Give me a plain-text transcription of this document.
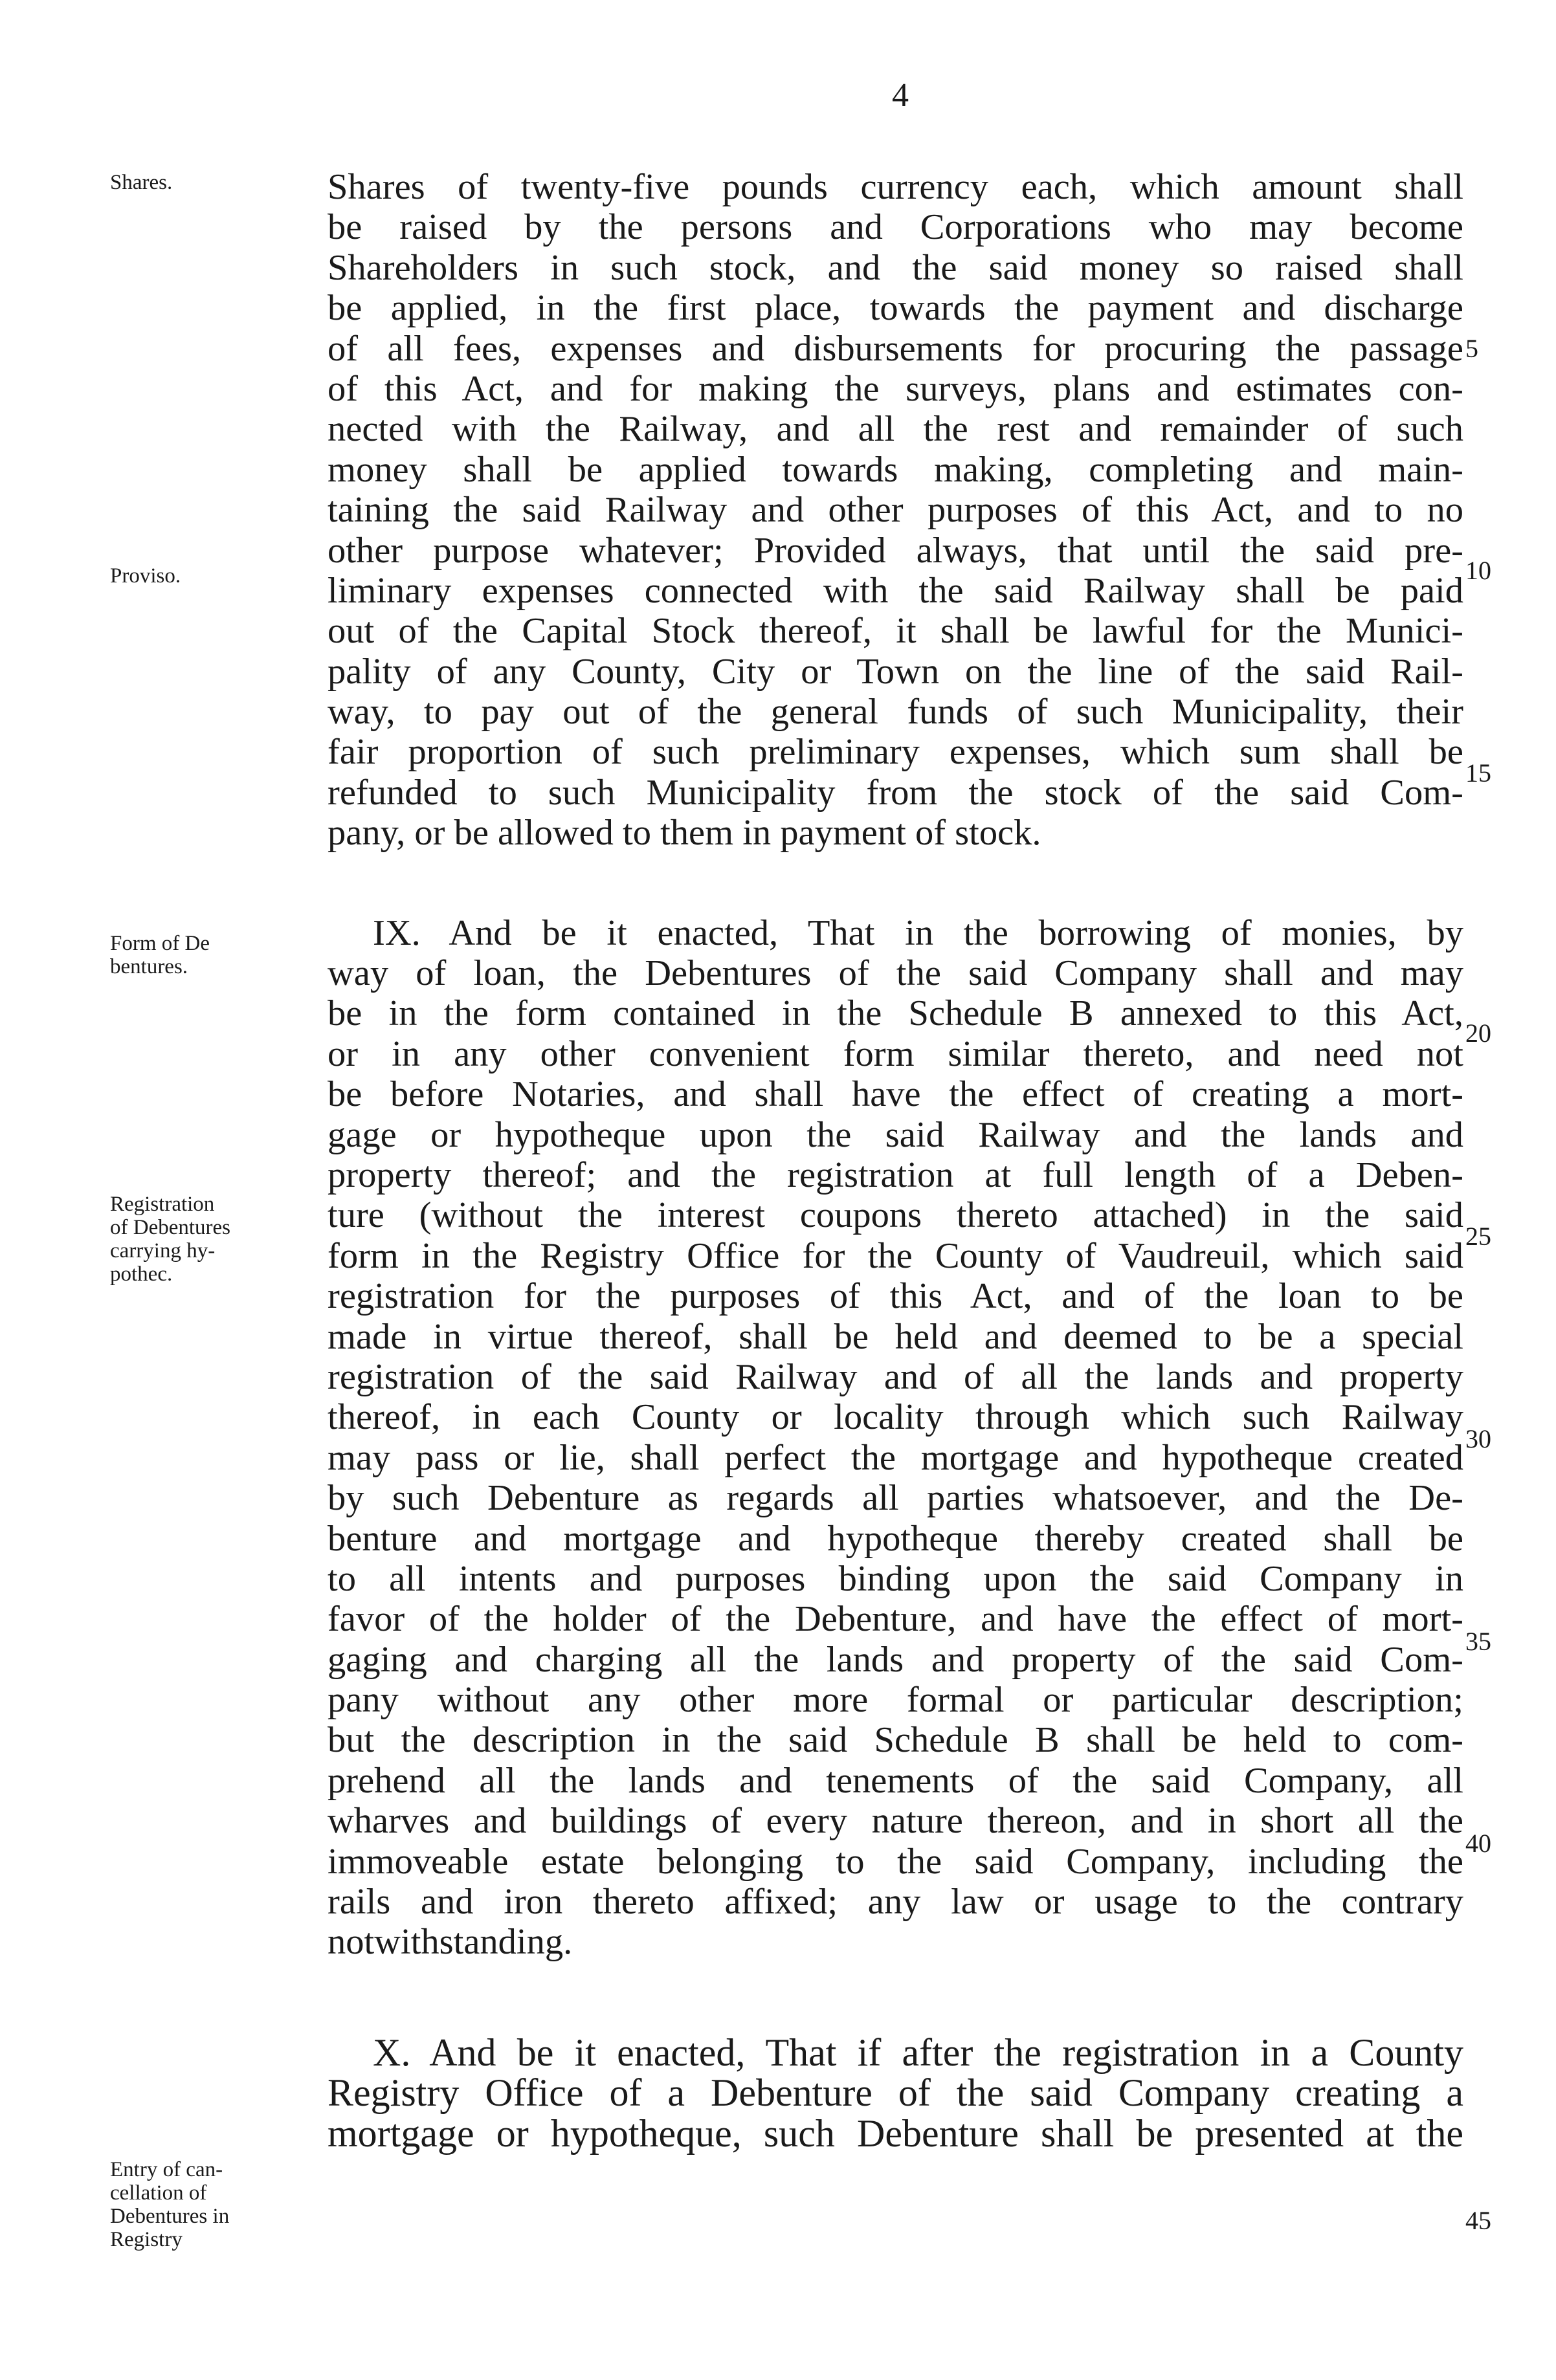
4
Shares.
Proviso.
Form of De
bentures.
Registration
of Debentures
carrying hy-
pothec.
Entry of can-
cellation of
Debentures in
Registry
Shares of twenty-five pounds currency each, which amount shall
be raised by the persons and Corporations who may become
Shareholders in such stock, and the said money so raised shall
be applied, in the first place, towards the payment and discharge
of all fees, expenses and disbursements for procuring the passage
of this Act, and for making the surveys, plans and estimates con-
nected with the Railway, and all the rest and remainder of such
money shall be applied towards making, completing and main-
taining the said Railway and other purposes of this Act, and to no
other purpose whatever; Provided always, that until the said pre-
liminary expenses connected with the said Railway shall be paid
out of the Capital Stock thereof, it shall be lawful for the Munici-
pality of any County, City or Town on the line of the said Rail-
way, to pay out of the general funds of such Municipality, their
fair proportion of such preliminary expenses, which sum shall be
refunded to such Municipality from the stock of the said Com-
pany, or be allowed to them in payment of stock.
IX. And be it enacted, That in the borrowing of monies, by
way of loan, the Debentures of the said Company shall and may
be in the form contained in the Schedule B annexed to this Act,
or in any other convenient form similar thereto, and need not
be before Notaries, and shall have the effect of creating a mort-
gage or hypotheque upon the said Railway and the lands and
property thereof; and the registration at full length of a Deben-
ture (without the interest coupons thereto attached) in the said
form in the Registry Office for the County of Vaudreuil, which said
registration for the purposes of this Act, and of the loan to be
made in virtue thereof, shall be held and deemed to be a special
registration of the said Railway and of all the lands and property
thereof, in each County or locality through which such Railway
may pass or lie, shall perfect the mortgage and hypotheque created
by such Debenture as regards all parties whatsoever, and the De-
benture and mortgage and hypotheque thereby created shall be
to all intents and purposes binding upon the said Company in
favor of the holder of the Debenture, and have the effect of mort-
gaging and charging all the lands and property of the said Com-
pany without any other more formal or particular description;
but the description in the said Schedule B shall be held to com-
prehend all the lands and tenements of the said Company, all
wharves and buildings of every nature thereon, and in short all the
immoveable estate belonging to the said Company, including the
rails and iron thereto affixed; any law or usage to the contrary
notwithstanding.
X. And be it enacted, That if after the registration in a County
Registry Office of a Debenture of the said Company creating a
mortgage or hypotheque, such Debenture shall be presented at the
5
10
15
20
25
30
35
40
45
